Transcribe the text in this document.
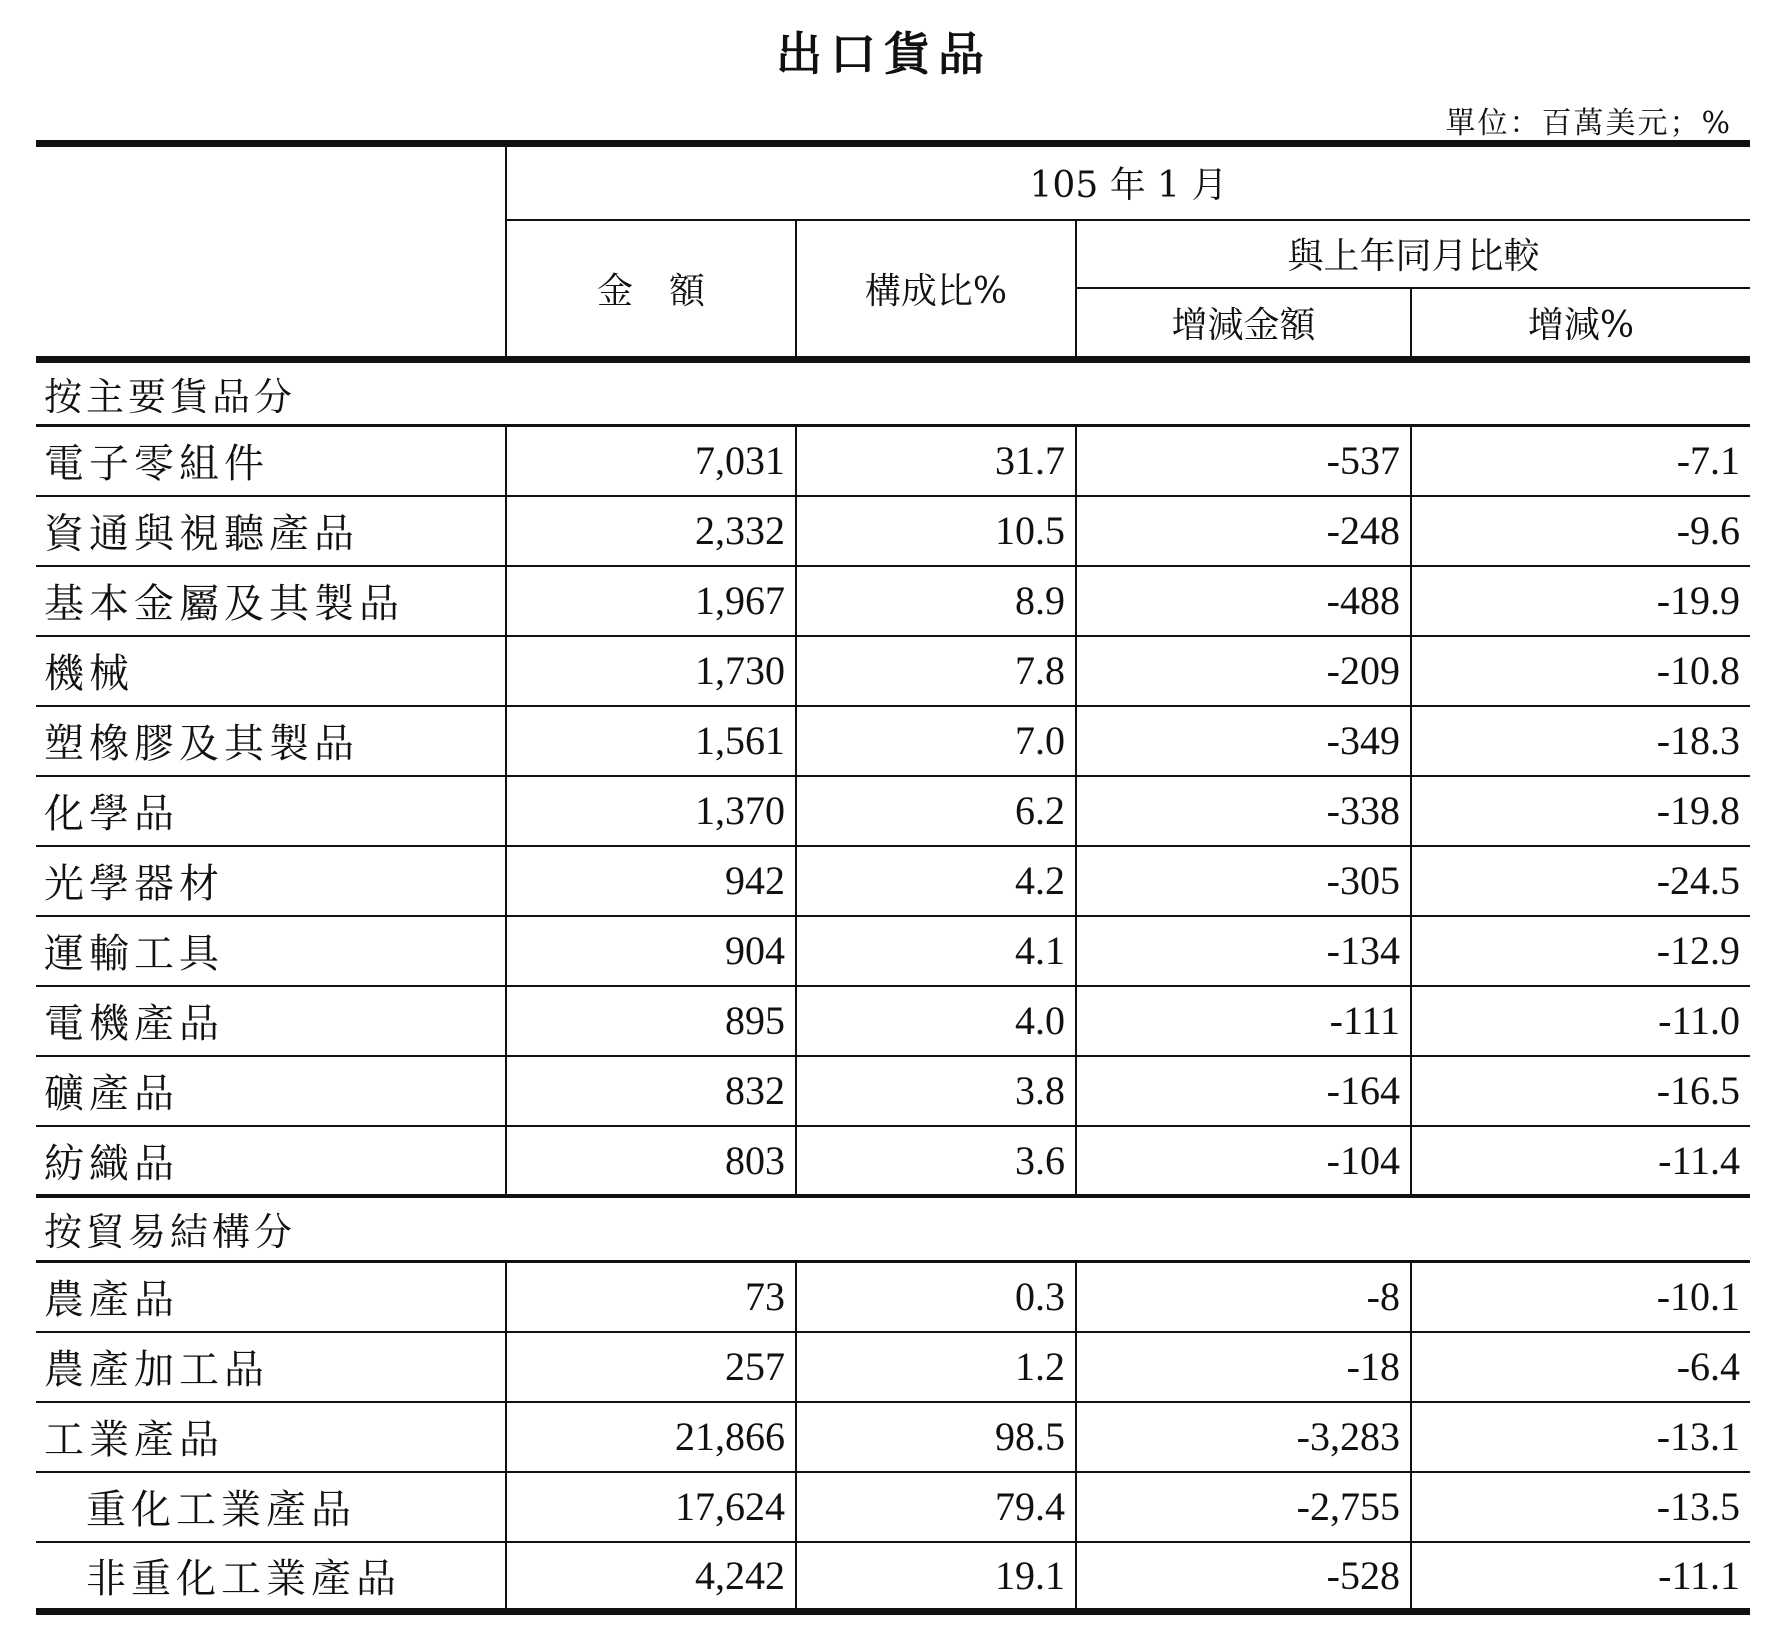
出口貨品
單位：百萬美元；%
	105 年 1 月			
	金　額	構成比%	與上年同月比較	
			增減金額	增減%
按主要貨品分				
電子零組件	7,031	31.7	-537	-7.1
資通與視聽產品	2,332	10.5	-248	-9.6
基本金屬及其製品	1,967	8.9	-488	-19.9
機械	1,730	7.8	-209	-10.8
塑橡膠及其製品	1,561	7.0	-349	-18.3
化學品	1,370	6.2	-338	-19.8
光學器材	942	4.2	-305	-24.5
運輸工具	904	4.1	-134	-12.9
電機產品	895	4.0	-111	-11.0
礦產品	832	3.8	-164	-16.5
紡織品	803	3.6	-104	-11.4
按貿易結構分				
農產品	73	0.3	-8	-10.1
農產加工品	257	1.2	-18	-6.4
工業產品	21,866	98.5	-3,283	-13.1
重化工業產品	17,624	79.4	-2,755	-13.5
非重化工業產品	4,242	19.1	-528	-11.1
